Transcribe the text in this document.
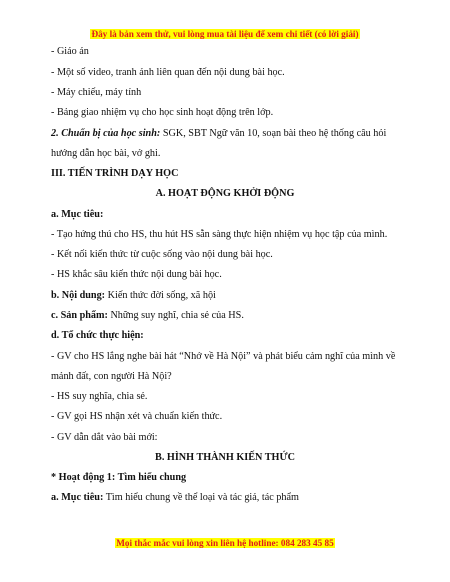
Đây là bản xem thử, vui lòng mua tài liệu để xem chi tiết (có lời giải)
- Giáo án
- Một số video, tranh ảnh liên quan đến nội dung bài học.
- Máy chiếu, máy tính
- Bảng giao nhiệm vụ cho học sinh hoạt động trên lớp.
2. Chuẩn bị của học sinh: SGK, SBT Ngữ văn 10, soạn bài theo hệ thống câu hỏi
hướng dẫn học bài, vở ghi.
III. TIẾN TRÌNH DẠY HỌC
A. HOẠT ĐỘNG KHỞI ĐỘNG
a. Mục tiêu:
- Tạo hứng thú cho HS, thu hút HS sẵn sàng thực hiện nhiệm vụ học tập của mình.
- Kết nối kiến thức từ cuộc sống vào nội dung bài học.
- HS khắc sâu kiến thức nội dung bài học.
b. Nội dung: Kiến thức đời sống, xã hội
c. Sản phẩm: Những suy nghĩ, chia sẻ của HS.
d. Tổ chức thực hiện:
- GV cho HS lắng nghe bài hát “Nhớ về Hà Nội” và phát biểu cảm nghĩ của mình về
mảnh đất, con người Hà Nội?
- HS suy nghĩa, chia sẻ.
- GV gọi HS nhận xét và chuẩn kiến thức.
- GV dẫn dắt vào bài mới:
B. HÌNH THÀNH KIẾN THỨC
* Hoạt động 1: Tìm hiểu chung
a. Mục tiêu: Tìm hiểu chung về thể loại và tác giả, tác phẩm
Mọi thắc mắc vui lòng xin liên hệ hotline: 084 283 45 85
